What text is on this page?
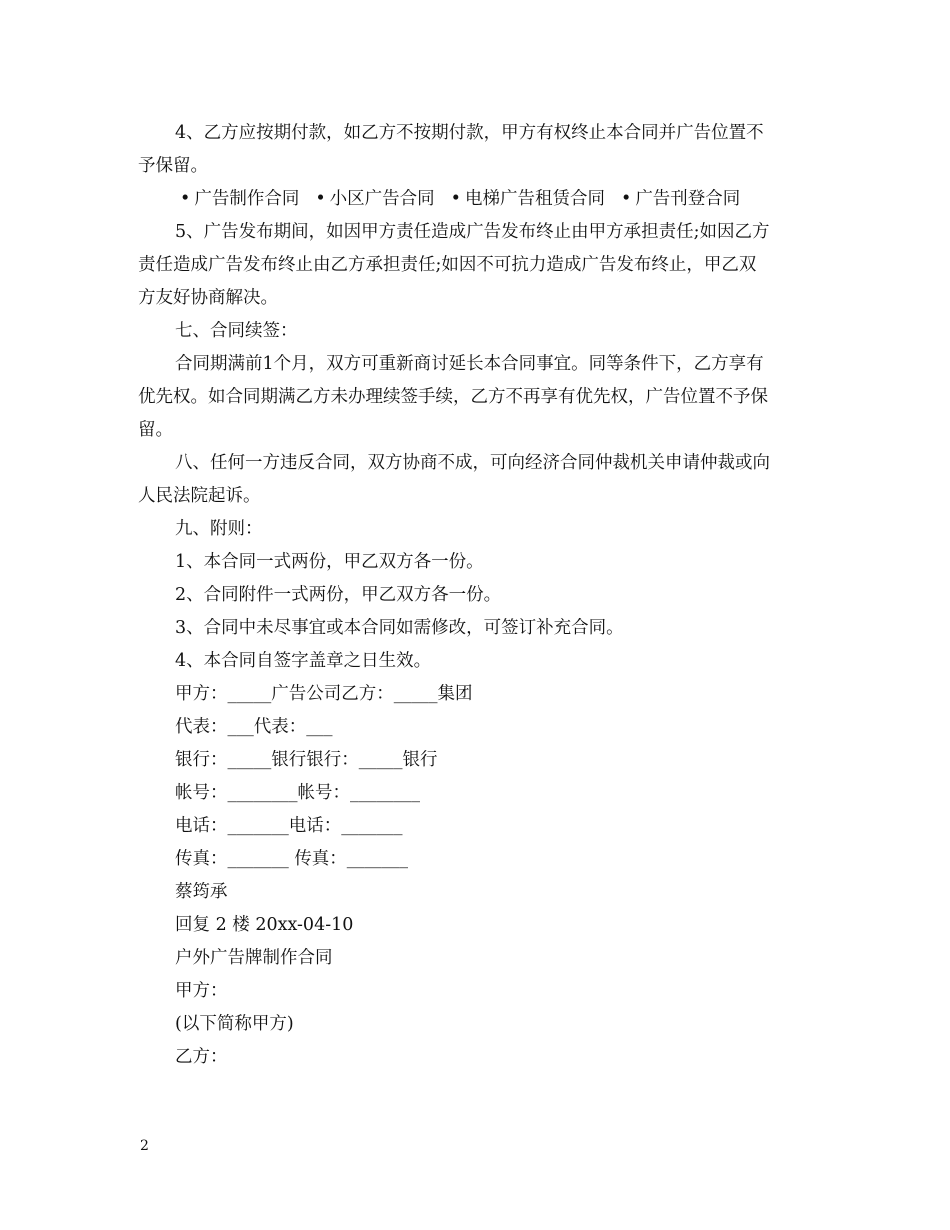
4、乙方应按期付款，如乙方不按期付款，甲方有权终止本合同并广告位置不
予保留。
• 广告制作合同 • 小区广告合同 • 电梯广告租赁合同 • 广告刊登合同
5、广告发布期间，如因甲方责任造成广告发布终止由甲方承担责任;如因乙方
责任造成广告发布终止由乙方承担责任;如因不可抗力造成广告发布终止，甲乙双
方友好协商解决。
七、合同续签：
合同期满前1个月，双方可重新商讨延长本合同事宜。同等条件下，乙方享有
优先权。如合同期满乙方未办理续签手续，乙方不再享有优先权，广告位置不予保
留。
八、任何一方违反合同，双方协商不成，可向经济合同仲裁机关申请仲裁或向
人民法院起诉。
九、附则：
1、本合同一式两份，甲乙双方各一份。
2、合同附件一式两份，甲乙双方各一份。
3、合同中未尽事宜或本合同如需修改，可签订补充合同。
4、本合同自签字盖章之日生效。
甲方：_____广告公司乙方：_____集团
代表：___代表：___
银行：_____银行银行：_____银行
帐号：________帐号：________
电话：_______电话：_______
传真：_______ 传真：_______
蔡筠承
回复 2 楼 20xx-04-10
户外广告牌制作合同
甲方：
(以下简称甲方)
乙方：
2
